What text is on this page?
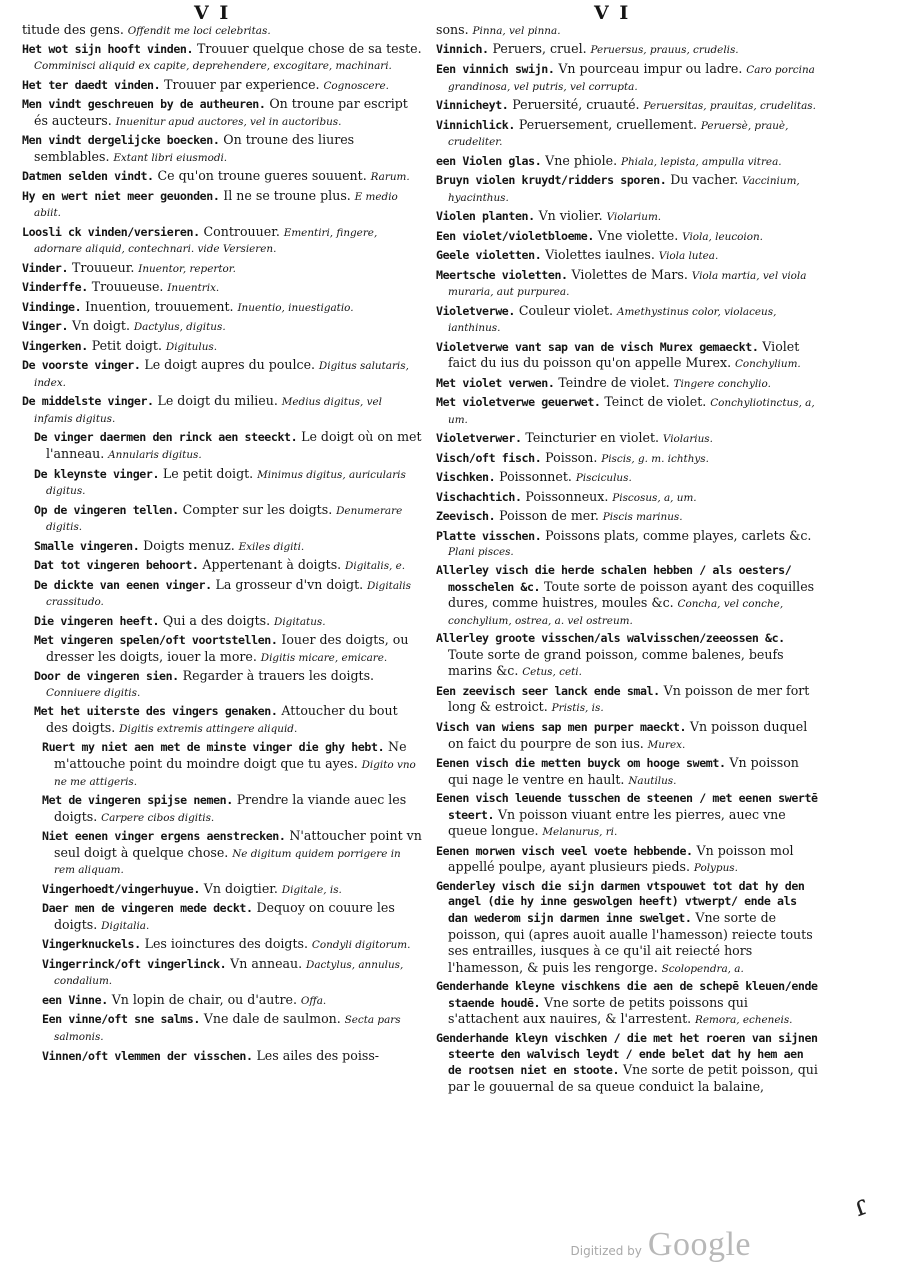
V I	V I

titude des gens. Offendit me loci celebritas.

Het wot sijn hooft vinden. Trouuer quelque chose de sa teste. Comminisci aliquid ex capite, deprehendere, excogitare, machinari.

Het ter daedt vinden. Trouuer par experience. Cognoscere.

Men vindt geschreuen by de autheuren. On troune par escript és aucteurs. Inuenitur apud auctores, vel in auctoribus.

Men vindt dergelijcke boecken. On troune des liures semblables. Extant libri eiusmodi.

Datmen selden vindt. Ce qu'on troune gueres souuent. Rarum.

Hy en wert niet meer geuonden. Il ne se troune plus. E medio abiit.

Loosli ck vinden/versieren. Controuuer. Ementiri, fingere, adornare aliquid, contechnari. vide Versieren.

Vinder. Trouueur. Inuentor, repertor.

Vinderffe. Trouueuse. Inuentrix.

Vindinge. Inuention, trouuement. Inuentio, inuestigatio.

Vinger. Vn doigt. Dactylus, digitus.

Vingerken. Petit doigt. Digitulus.

De voorste vinger. Le doigt aupres du poulce. Digitus salutaris, index.

De middelste vinger. Le doigt du milieu. Medius digitus, vel infamis digitus.

De vinger daermen den rinck aen steeckt. Le doigt où on met l'anneau. Annularis digitus.

De kleynste vinger. Le petit doigt. Minimus digitus, auricularis digitus.

Op de vingeren tellen. Compter sur les doigts. Denumerare digitis.

Smalle vingeren. Doigts menuz. Exiles digiti.

Dat tot vingeren behoort. Appertenant à doigts. Digitalis, e.

De dickte van eenen vinger. La grosseur d'vn doigt. Digitalis crassitudo.

Die vingeren heeft. Qui a des doigts. Digitatus.

Met vingeren spelen/oft voortstellen. Iouer des doigts, ou dresser les doigts, iouer la more. Digitis micare, emicare.

Door de vingeren sien. Regarder à trauers les doigts. Conniuere digitis.

Met het uiterste des vingers genaken. Attoucher du bout des doigts. Digitis extremis attingere aliquid.

Ruert my niet aen met de minste vinger die ghy hebt. Ne m'attouche point du moindre doigt que tu ayes. Digito vno ne me attigeris.

Met de vingeren spijse nemen. Prendre la viande auec les doigts. Carpere cibos digitis.

Niet eenen vinger ergens aenstrecken. N'attoucher point vn seul doigt à quelque chose. Ne digitum quidem porrigere in rem aliquam.

Vingerhoedt/vingerhuyue. Vn doigtier. Digitale, is.

Daer men de vingeren mede deckt. Dequoy on couure les doigts. Digitalia.

Vingerknuckels. Les ioinctures des doigts. Condyli digitorum.

Vingerrinck/oft vingerlinck. Vn anneau. Dactylus, annulus, condalium.

een Vinne. Vn lopin de chair, ou d'autre. Offa.

Een vinne/oft sne salms. Vne dale de saulmon. Secta pars salmonis.

Vinnen/oft vlemmen der visschen. Les ailes des poiss-

sons. Pinna, vel pinna.

Vinnich. Peruers, cruel. Peruersus, prauus, crudelis.

Een vinnich swijn. Vn pourceau impur ou ladre. Caro porcina grandinosa, vel putris, vel corrupta.

Vinnicheyt. Peruersité, cruauté. Peruersitas, prauitas, crudelitas.

Vinnichlick. Peruersement, cruellement. Peruersè, prauè, crudeliter.

een Violen glas. Vne phiole. Phiala, lepista, ampulla vitrea.

Bruyn violen kruydt/ridders sporen. Du vacher. Vaccinium, hyacinthus.

Violen planten. Vn violier. Violarium.

Een violet/violetbloeme. Vne violette. Viola, leucoion.

Geele violetten. Violettes iaulnes. Viola lutea.

Meertsche violetten. Violettes de Mars. Viola martia, vel viola muraria, aut purpurea.

Violetverwe. Couleur violet. Amethystinus color, violaceus, ianthinus.

Violetverwe vant sap van de visch Murex gemaeckt. Violet faict du ius du poisson qu'on appelle Murex. Conchylium.

Met violet verwen. Teindre de violet. Tingere conchylio.

Met violetverwe geuerwet. Teinct de violet. Conchyliotinctus, a, um.

Violetverwer. Teincturier en violet. Violarius.

Visch/oft fisch. Poisson. Piscis, g. m. ichthys.

Vischken. Poissonnet. Pisciculus.

Vischachtich. Poissonneux. Piscosus, a, um.

Zeevisch. Poisson de mer. Piscis marinus.

Platte visschen. Poissons plats, comme playes, carlets &c. Plani pisces.

Allerley visch die herde schalen hebben / als oesters/ mosschelen &c. Toute sorte de poisson ayant des coquilles dures, comme huistres, moules &c. Concha, vel conche, conchylium, ostrea, a. vel ostreum.

Allerley groote visschen/als walvisschen/zeeossen &c. Toute sorte de grand poisson, comme balenes, beufs marins &c. Cetus, ceti.

Een zeevisch seer lanck ende smal. Vn poisson de mer fort long & estroict. Pristis, is.

Visch van wiens sap men purper maeckt. Vn poisson duquel on faict du pourpre de son ius. Murex.

Eenen visch die metten buyck om hooge swemt. Vn poisson qui nage le ventre en hault. Nautilus.

Eenen visch leuende tusschen de steenen / met eenen swertē steert. Vn poisson viuant entre les pierres, auec vne queue longue. Melanurus, ri.

Eenen morwen visch veel voete hebbende. Vn poisson mol appellé poulpe, ayant plusieurs pieds. Polypus.

Genderley visch die sijn darmen vtspouwet tot dat hy den angel (die hy inne geswolgen heeft) vtwerpt/ ende als dan wederom sijn darmen inne swelget. Vne sorte de poisson, qui (apres auoit aualle l'hamesson) reiecte touts ses entrailles, iusques à ce qu'il ait reiecté hors l'hamesson, & puis les rengorge. Scolopendra, a.

Genderhande kleyne vischkens die aen de schepē kleuen/ende staende houdē. Vne sorte de petits poissons qui s'attachent aux nauires, & l'arrestent. Remora, echeneis.

Genderhande kleyn vischken / die met het roeren van sijnen steerte den walvisch leydt / ende belet dat hy hem aen de rootsen niet en stoote. Vne sorte de petit poisson, qui par le gouuernal de sa queue conduict la balaine,

ɾ
Digitized by Google
